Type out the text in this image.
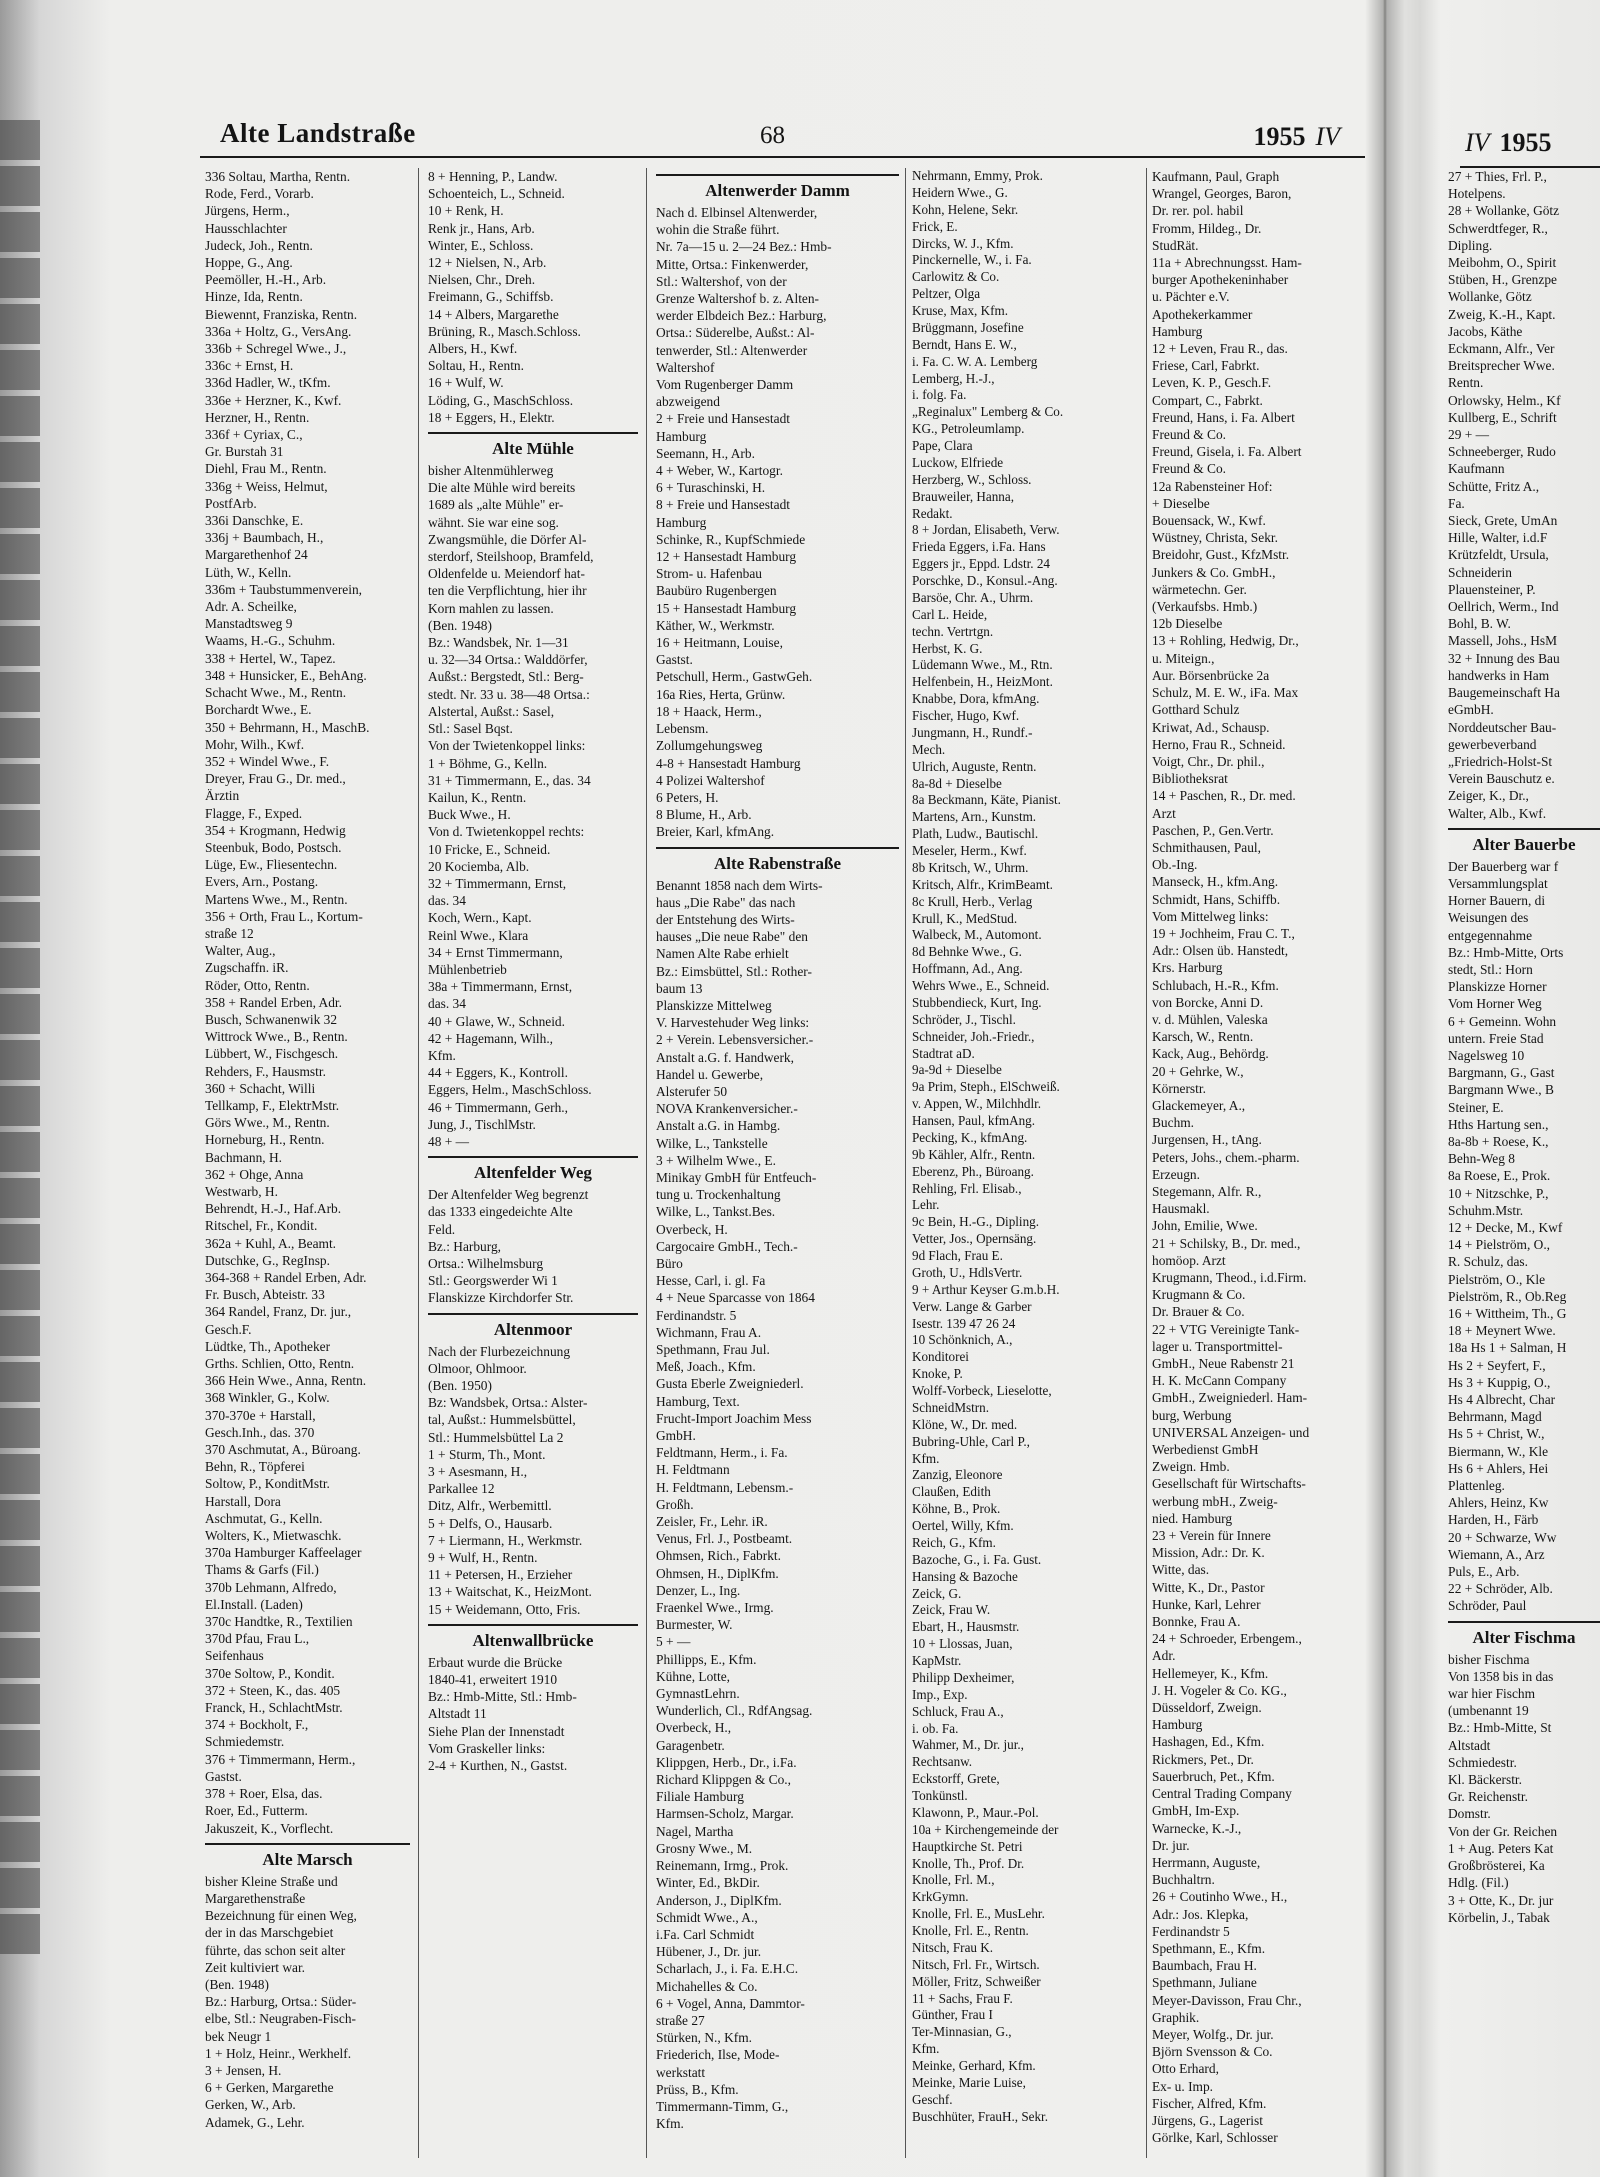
Alte Landstraße	68	1955 IV	IV 1955
336 Soltau, Martha, Rentn.
Rode, Ferd., Vorarb.
Jürgens, Herm.,
Hausschlachter
Judeck, Joh., Rentn.
Hoppe, G., Ang.
Peemöller, H.-H., Arb.
Hinze, Ida, Rentn.
Biewennt, Franziska, Rentn.
336a + Holtz, G., VersAng.
336b + Schregel Wwe., J.,
336c + Ernst, H.
336d Hadler, W., tKfm.
336e + Herzner, K., Kwf.
Herzner, H., Rentn.
336f + Cyriax, C.,
Gr. Burstah 31
Diehl, Frau M., Rentn.
336g + Weiss, Helmut,
PostfArb.
336i Danschke, E.
336j + Baumbach, H.,
Margarethenhof 24
Lüth, W., Kelln.
336m + Taubstummenverein,
Adr. A. Scheilke,
Manstadtsweg 9
Waams, H.-G., Schuhm.
338 + Hertel, W., Tapez.
348 + Hunsicker, E., BehAng.
Schacht Wwe., M., Rentn.
Borchardt Wwe., E.
350 + Behrmann, H., MaschB.
Mohr, Wilh., Kwf.
352 + Windel Wwe., F.
Dreyer, Frau G., Dr. med.,
Ärztin
Flagge, F., Exped.
354 + Krogmann, Hedwig
Steenbuk, Bodo, Postsch.
Lüge, Ew., Fliesentechn.
Evers, Arn., Postang.
Martens Wwe., M., Rentn.
356 + Orth, Frau L., Kortum-
straße 12
Walter, Aug.,
Zugschaffn. iR.
Röder, Otto, Rentn.
358 + Randel Erben, Adr.
Busch, Schwanenwik 32
Wittrock Wwe., B., Rentn.
Lübbert, W., Fischgesch.
Rehders, F., Hausmstr.
360 + Schacht, Willi
Tellkamp, F., ElektrMstr.
Görs Wwe., M., Rentn.
Horneburg, H., Rentn.
Bachmann, H.
362 + Ohge, Anna
Westwarb, H.
Behrendt, H.-J., Haf.Arb.
Ritschel, Fr., Kondit.
362a + Kuhl, A., Beamt.
Dutschke, G., RegInsp.
364-368 + Randel Erben, Adr.
Fr. Busch, Abteistr. 33
364 Randel, Franz, Dr. jur.,
Gesch.F.
Lüdtke, Th., Apotheker
Grths. Schlien, Otto, Rentn.
366 Hein Wwe., Anna, Rentn.
368 Winkler, G., Kolw.
370-370e + Harstall,
Gesch.Inh., das. 370
370 Aschmutat, A., Büroang.
Behn, R., Töpferei
Soltow, P., KonditMstr.
Harstall, Dora
Aschmutat, G., Kelln.
Wolters, K., Mietwaschk.
370a Hamburger Kaffeelager
Thams & Garfs (Fil.)
370b Lehmann, Alfredo,
El.Install. (Laden)
370c Handtke, R., Textilien
370d Pfau, Frau L.,
Seifenhaus
370e Soltow, P., Kondit.
372 + Steen, K., das. 405
Franck, H., SchlachtMstr.
374 + Bockholt, F.,
Schmiedemstr.
376 + Timmermann, Herm.,
Gastst.
378 + Roer, Elsa, das.
Roer, Ed., Futterm.
Jakuszeit, K., Vorflecht.
Alte Marsch
bisher Kleine Straße und
Margarethenstraße
Bezeichnung für einen Weg,
der in das Marschgebiet
führte, das schon seit alter
Zeit kultiviert war.
(Ben. 1948)
Bz.: Harburg, Ortsa.: Süder-
elbe, Stl.: Neugraben-Fisch-
bek Neugr 1
1 + Holz, Heinr., Werkhelf.
3 + Jensen, H.
6 + Gerken, Margarethe
Gerken, W., Arb.
Adamek, G., Lehr.
8 + Henning, P., Landw.
Schoenteich, L., Schneid.
10 + Renk, H.
Renk jr., Hans, Arb.
Winter, E., Schloss.
12 + Nielsen, N., Arb.
Nielsen, Chr., Dreh.
Freimann, G., Schiffsb.
14 + Albers, Margarethe
Brüning, R., Masch.Schloss.
Albers, H., Kwf.
Soltau, H., Rentn.
16 + Wulf, W.
Löding, G., MaschSchloss.
18 + Eggers, H., Elektr.
Alte Mühle
bisher Altenmühlerweg
Die alte Mühle wird bereits
1689 als „alte Mühle" er-
wähnt. Sie war eine sog.
Zwangsmühle, die Dörfer Al-
sterdorf, Steilshoop, Bramfeld,
Oldenfelde u. Meiendorf hat-
ten die Verpflichtung, hier ihr
Korn mahlen zu lassen.
(Ben. 1948)
Bz.: Wandsbek, Nr. 1—31
u. 32—34 Ortsa.: Walddörfer,
Außst.: Bergstedt, Stl.: Berg-
stedt. Nr. 33 u. 38—48 Ortsa.:
Alstertal, Außst.: Sasel,
Stl.: Sasel Bqst.
Von der Twietenkoppel links:
1 + Böhme, G., Kelln.
31 + Timmermann, E., das. 34
Kailun, K., Rentn.
Buck Wwe., H.
Von d. Twietenkoppel rechts:
10 Fricke, E., Schneid.
20 Kociemba, Alb.
32 + Timmermann, Ernst,
das. 34
Koch, Wern., Kapt.
Reinl Wwe., Klara
34 + Ernst Timmermann,
Mühlenbetrieb
38a + Timmermann, Ernst,
das. 34
40 + Glawe, W., Schneid.
42 + Hagemann, Wilh.,
Kfm.
44 + Eggers, K., Kontroll.
Eggers, Helm., MaschSchloss.
46 + Timmermann, Gerh.,
Jung, J., TischlMstr.
48 + —
Altenfelder Weg
Der Altenfelder Weg begrenzt
das 1333 eingedeichte Alte
Feld.
Bz.: Harburg,
Ortsa.: Wilhelmsburg
Stl.: Georgswerder Wi 1
Flanskizze Kirchdorfer Str.
Altenmoor
Nach der Flurbezeichnung
Olmoor, Ohlmoor.
(Ben. 1950)
Bz: Wandsbek, Ortsa.: Alster-
tal, Außst.: Hummelsbüttel,
Stl.: Hummelsbüttel La 2
1 + Sturm, Th., Mont.
3 + Asesmann, H.,
Parkallee 12
Ditz, Alfr., Werbemittl.
5 + Delfs, O., Hausarb.
7 + Liermann, H., Werkmstr.
9 + Wulf, H., Rentn.
11 + Petersen, H., Erzieher
13 + Waitschat, K., HeizMont.
15 + Weidemann, Otto, Fris.
Altenwallbrücke
Erbaut wurde die Brücke
1840-41, erweitert 1910
Bz.: Hmb-Mitte, Stl.: Hmb-
Altstadt 11
Siehe Plan der Innenstadt
Vom Graskeller links:
2-4 + Kurthen, N., Gastst.
Altenwerder Damm
Nach d. Elbinsel Altenwerder,
wohin die Straße führt.
Nr. 7a—15 u. 2—24 Bez.: Hmb-
Mitte, Ortsa.: Finkenwerder,
Stl.: Waltershof, von der
Grenze Waltershof b. z. Alten-
werder Elbdeich Bez.: Harburg,
Ortsa.: Süderelbe, Außst.: Al-
tenwerder, Stl.: Altenwerder
Waltershof
Vom Rugenberger Damm
abzweigend
2 + Freie und Hansestadt
Hamburg
Seemann, H., Arb.
4 + Weber, W., Kartogr.
6 + Turaschinski, H.
8 + Freie und Hansestadt
Hamburg
Schinke, R., KupfSchmiede
12 + Hansestadt Hamburg
Strom- u. Hafenbau
Baubüro Rugenbergen
15 + Hansestadt Hamburg
Käther, W., Werkmstr.
16 + Heitmann, Louise,
Gastst.
Petschull, Herm., GastwGeh.
16a Ries, Herta, Grünw.
18 + Haack, Herm.,
Lebensm.
Zollumgehungsweg
4-8 + Hansestadt Hamburg
4 Polizei Waltershof
6 Peters, H.
8 Blume, H., Arb.
Breier, Karl, kfmAng.
Alte Rabenstraße
Benannt 1858 nach dem Wirts-
haus „Die Rabe" das nach
der Entstehung des Wirts-
hauses „Die neue Rabe" den
Namen Alte Rabe erhielt
Bz.: Eimsbüttel, Stl.: Rother-
baum 13
Planskizze Mittelweg
V. Harvestehuder Weg links:
2 + Verein. Lebensversicher.-
Anstalt a.G. f. Handwerk,
Handel u. Gewerbe,
Alsterufer 50
NOVA Krankenversicher.-
Anstalt a.G. in Hambg.
Wilke, L., Tankstelle
3 + Wilhelm Wwe., E.
Minikay GmbH für Entfeuch-
tung u. Trockenhaltung
Wilke, L., Tankst.Bes.
Overbeck, H.
Cargocaire GmbH., Tech.-
Büro
Hesse, Carl, i. gl. Fa
4 + Neue Sparcasse von 1864
Ferdinandstr. 5
Wichmann, Frau A.
Spethmann, Frau Jul.
Meß, Joach., Kfm.
Gusta Eberle Zweigniederl.
Hamburg, Text.
Frucht-Import Joachim Mess
GmbH.
Feldtmann, Herm., i. Fa.
H. Feldtmann
H. Feldtmann, Lebensm.-
Großh.
Zeisler, Fr., Lehr. iR.
Venus, Frl. J., Postbeamt.
Ohmsen, Rich., Fabrkt.
Ohmsen, H., DiplKfm.
Denzer, L., Ing.
Fraenkel Wwe., Irmg.
Burmester, W.
5 + —
Phillipps, E., Kfm.
Kühne, Lotte,
GymnastLehrn.
Wunderlich, Cl., RdfAngsag.
Overbeck, H.,
Garagenbetr.
Klippgen, Herb., Dr., i.Fa.
Richard Klippgen & Co.,
Filiale Hamburg
Harmsen-Scholz, Margar.
Nagel, Martha
Grosny Wwe., M.
Reinemann, Irmg., Prok.
Winter, Ed., BkDir.
Anderson, J., DiplKfm.
Schmidt Wwe., A.,
i.Fa. Carl Schmidt
Hübener, J., Dr. jur.
Scharlach, J., i. Fa. E.H.C.
Michahelles & Co.
6 + Vogel, Anna, Dammtor-
straße 27
Stürken, N., Kfm.
Friederich, Ilse, Mode-
werkstatt
Prüss, B., Kfm.
Timmermann-Timm, G.,
Kfm.
Nehrmann, Emmy, Prok.
Heidern Wwe., G.
Kohn, Helene, Sekr.
Frick, E.
Dircks, W. J., Kfm.
Pinckernelle, W., i. Fa.
Carlowitz & Co.
Peltzer, Olga
Kruse, Max, Kfm.
Brüggmann, Josefine
Berndt, Hans E. W.,
i. Fa. C. W. A. Lemberg
Lemberg, H.-J.,
i. folg. Fa.
„Reginalux" Lemberg & Co.
KG., Petroleumlamp.
Pape, Clara
Luckow, Elfriede
Herzberg, W., Schloss.
Brauweiler, Hanna,
Redakt.
8 + Jordan, Elisabeth, Verw.
Frieda Eggers, i.Fa. Hans
Eggers jr., Eppd. Ldstr. 24
Porschke, D., Konsul.-Ang.
Barsöe, Chr. A., Uhrm.
Carl L. Heide,
techn. Vertrtgn.
Herbst, K. G.
Lüdemann Wwe., M., Rtn.
Helfenbein, H., HeizMont.
Knabbe, Dora, kfmAng.
Fischer, Hugo, Kwf.
Jungmann, H., Rundf.-
Mech.
Ulrich, Auguste, Rentn.
8a-8d + Dieselbe
8a Beckmann, Käte, Pianist.
Martens, Arn., Kunstm.
Plath, Ludw., Bautischl.
Meseler, Herm., Kwf.
8b Kritsch, W., Uhrm.
Kritsch, Alfr., KrimBeamt.
8c Krull, Herb., Verlag
Krull, K., MedStud.
Walbeck, M., Automont.
8d Behnke Wwe., G.
Hoffmann, Ad., Ang.
Wehrs Wwe., E., Schneid.
Stubbendieck, Kurt, Ing.
Schröder, J., Tischl.
Schneider, Joh.-Friedr.,
Stadtrat aD.
9a-9d + Dieselbe
9a Prim, Steph., ElSchweiß.
v. Appen, W., Milchhdlr.
Hansen, Paul, kfmAng.
Pecking, K., kfmAng.
9b Kähler, Alfr., Rentn.
Eberenz, Ph., Büroang.
Rehling, Frl. Elisab.,
Lehr.
9c Bein, H.-G., Dipling.
Vetter, Jos., Opernsäng.
9d Flach, Frau E.
Groth, U., HdlsVertr.
9 + Arthur Keyser G.m.b.H.
Verw. Lange & Garber
Isestr. 139 47 26 24
10 Schönknich, A.,
Konditorei
Knoke, P.
Wolff-Vorbeck, Lieselotte,
SchneidMstrn.
Klöne, W., Dr. med.
Bubring-Uhle, Carl P.,
Kfm.
Zanzig, Eleonore
Claußen, Edith
Köhne, B., Prok.
Oertel, Willy, Kfm.
Reich, G., Kfm.
Bazoche, G., i. Fa. Gust.
Hansing & Bazoche
Zeick, G.
Zeick, Frau W.
Ebart, H., Hausmstr.
10 + Llossas, Juan,
KapMstr.
Philipp Dexheimer,
Imp., Exp.
Schluck, Frau A.,
i. ob. Fa.
Wahmer, M., Dr. jur.,
Rechtsanw.
Eckstorff, Grete,
Tonkünstl.
Klawonn, P., Maur.-Pol.
10a + Kirchengemeinde der
Hauptkirche St. Petri
Knolle, Th., Prof. Dr.
Knolle, Frl. M.,
KrkGymn.
Knolle, Frl. E., MusLehr.
Knolle, Frl. E., Rentn.
Nitsch, Frau K.
Nitsch, Frl. Fr., Wirtsch.
Möller, Fritz, Schweißer
11 + Sachs, Frau F.
Günther, Frau I
Ter-Minnasian, G.,
Kfm.
Meinke, Gerhard, Kfm.
Meinke, Marie Luise,
Geschf.
Buschhüter, FrauH., Sekr.
Kaufmann, Paul, Graph
Wrangel, Georges, Baron,
Dr. rer. pol. habil
Fromm, Hildeg., Dr.
StudRät.
11a + Abrechnungsst. Ham-
burger Apothekeninhaber
u. Pächter e.V.
Apothekerkammer
Hamburg
12 + Leven, Frau R., das.
Friese, Carl, Fabrkt.
Leven, K. P., Gesch.F.
Compart, C., Fabrkt.
Freund, Hans, i. Fa. Albert
Freund & Co.
Freund, Gisela, i. Fa. Albert
Freund & Co.
12a Rabensteiner Hof:
+ Dieselbe
Bouensack, W., Kwf.
Wüstney, Christa, Sekr.
Breidohr, Gust., KfzMstr.
Junkers & Co. GmbH.,
wärmetechn. Ger.
(Verkaufsbs. Hmb.)
12b Dieselbe
13 + Rohling, Hedwig, Dr.,
u. Miteign.,
Aur. Börsenbrücke 2a
Schulz, M. E. W., iFa. Max
Gotthard Schulz
Kriwat, Ad., Schausp.
Herno, Frau R., Schneid.
Voigt, Chr., Dr. phil.,
Bibliotheksrat
14 + Paschen, R., Dr. med.
Arzt
Paschen, P., Gen.Vertr.
Schmithausen, Paul,
Ob.-Ing.
Manseck, H., kfm.Ang.
Schmidt, Hans, Schiffb.
Vom Mittelweg links:
19 + Jochheim, Frau C. T.,
Adr.: Olsen üb. Hanstedt,
Krs. Harburg
Schlubach, H.-R., Kfm.
von Borcke, Anni D.
v. d. Mühlen, Valeska
Karsch, W., Rentn.
Kack, Aug., Behördg.
20 + Gehrke, W.,
Körnerstr.
Glackemeyer, A.,
Buchm.
Jurgensen, H., tAng.
Peters, Johs., chem.-pharm.
Erzeugn.
Stegemann, Alfr. R.,
Hausmakl.
John, Emilie, Wwe.
21 + Schilsky, B., Dr. med.,
homöop. Arzt
Krugmann, Theod., i.d.Firm.
Krugmann & Co.
Dr. Brauer & Co.
22 + VTG Vereinigte Tank-
lager u. Transportmittel-
GmbH., Neue Rabenstr 21
H. K. McCann Company
GmbH., Zweigniederl. Ham-
burg, Werbung
UNIVERSAL Anzeigen- und
Werbedienst GmbH
Zweign. Hmb.
Gesellschaft für Wirtschafts-
werbung mbH., Zweig-
nied. Hamburg
23 + Verein für Innere
Mission, Adr.: Dr. K.
Witte, das.
Witte, K., Dr., Pastor
Hunke, Karl, Lehrer
Bonnke, Frau A.
24 + Schroeder, Erbengem.,
Adr.
Hellemeyer, K., Kfm.
J. H. Vogeler & Co. KG.,
Düsseldorf, Zweign.
Hamburg
Hashagen, Ed., Kfm.
Rickmers, Pet., Dr.
Sauerbruch, Pet., Kfm.
Central Trading Company
GmbH, Im-Exp.
Warnecke, K.-J.,
Dr. jur.
Herrmann, Auguste,
Buchhaltrn.
26 + Coutinho Wwe., H.,
Adr.: Jos. Klepka,
Ferdinandstr 5
Spethmann, E., Kfm.
Baumbach, Frau H.
Spethmann, Juliane
Meyer-Davisson, Frau Chr.,
Graphik.
Meyer, Wolfg., Dr. jur.
Björn Svensson & Co.
Otto Erhard,
Ex- u. Imp.
Fischer, Alfred, Kfm.
Jürgens, G., Lagerist
Görlke, Karl, Schlosser
27 + Thies, Frl. P.,
Hotelpens.
28 + Wollanke, Götz
Schwerdtfeger, R.,
Dipling.
Meibohm, O., Spirit
Stüben, H., Grenzpe
Wollanke, Götz
Zweig, K.-H., Kapt.
Jacobs, Käthe
Eckmann, Alfr., Ver
Breitsprecher Wwe.
Rentn.
Orlowsky, Helm., Kf
Kullberg, E., Schrift
29 + —
Schneeberger, Rudo
Kaufmann
Schütte, Fritz A.,
Fa.
Sieck, Grete, UmAn
Hille, Walter, i.d.F
Krützfeldt, Ursula,
Schneiderin
Plauensteiner, P.
Oellrich, Werm., Ind
Bohl, B. W.
Massell, Johs., HsM
32 + Innung des Bau
handwerks in Ham
Baugemeinschaft Ha
eGmbH.
Norddeutscher Bau-
gewerbeverband
„Friedrich-Holst-St
Verein Bauschutz e.
Zeiger, K., Dr.,
Walter, Alb., Kwf.
Alter Bauerbe
Der Bauerberg war f
Versammlungsplat
Horner Bauern, di
Weisungen des
entgegennahme
Bz.: Hmb-Mitte, Orts
stedt, Stl.: Horn
Planskizze Horner
Vom Horner Weg
6 + Gemeinn. Wohn
untern. Freie Stad
Nagelsweg 10
Bargmann, G., Gast
Bargmann Wwe., B
Steiner, E.
Hths Hartung sen.,
8a-8b + Roese, K.,
Behn-Weg 8
8a Roese, E., Prok.
10 + Nitzschke, P.,
Schuhm.Mstr.
12 + Decke, M., Kwf
14 + Pielström, O.,
R. Schulz, das.
Pielström, O., Kle
Pielström, R., Ob.Reg
16 + Wittheim, Th., G
18 + Meynert Wwe.
18a Hs 1 + Salman, H
Hs 2 + Seyfert, F.,
Hs 3 + Kuppig, O.,
Hs 4 Albrecht, Char
Behrmann, Magd
Hs 5 + Christ, W.,
Biermann, W., Kle
Hs 6 + Ahlers, Hei
Plattenleg.
Ahlers, Heinz, Kw
Harden, H., Färb
20 + Schwarze, Ww
Wiemann, A., Arz
Puls, E., Arb.
22 + Schröder, Alb.
Schröder, Paul
Alter Fischma
bisher Fischma
Von 1358 bis in das
war hier Fischm
(umbenannt 19
Bz.: Hmb-Mitte, St
Altstadt
Schmiedestr.
Kl. Bäckerstr.
Gr. Reichenstr.
Domstr.
Von der Gr. Reichen
1 + Aug. Peters Kat
Großbrösterei, Ka
Hdlg. (Fil.)
3 + Otte, K., Dr. jur
Körbelin, J., Tabak
